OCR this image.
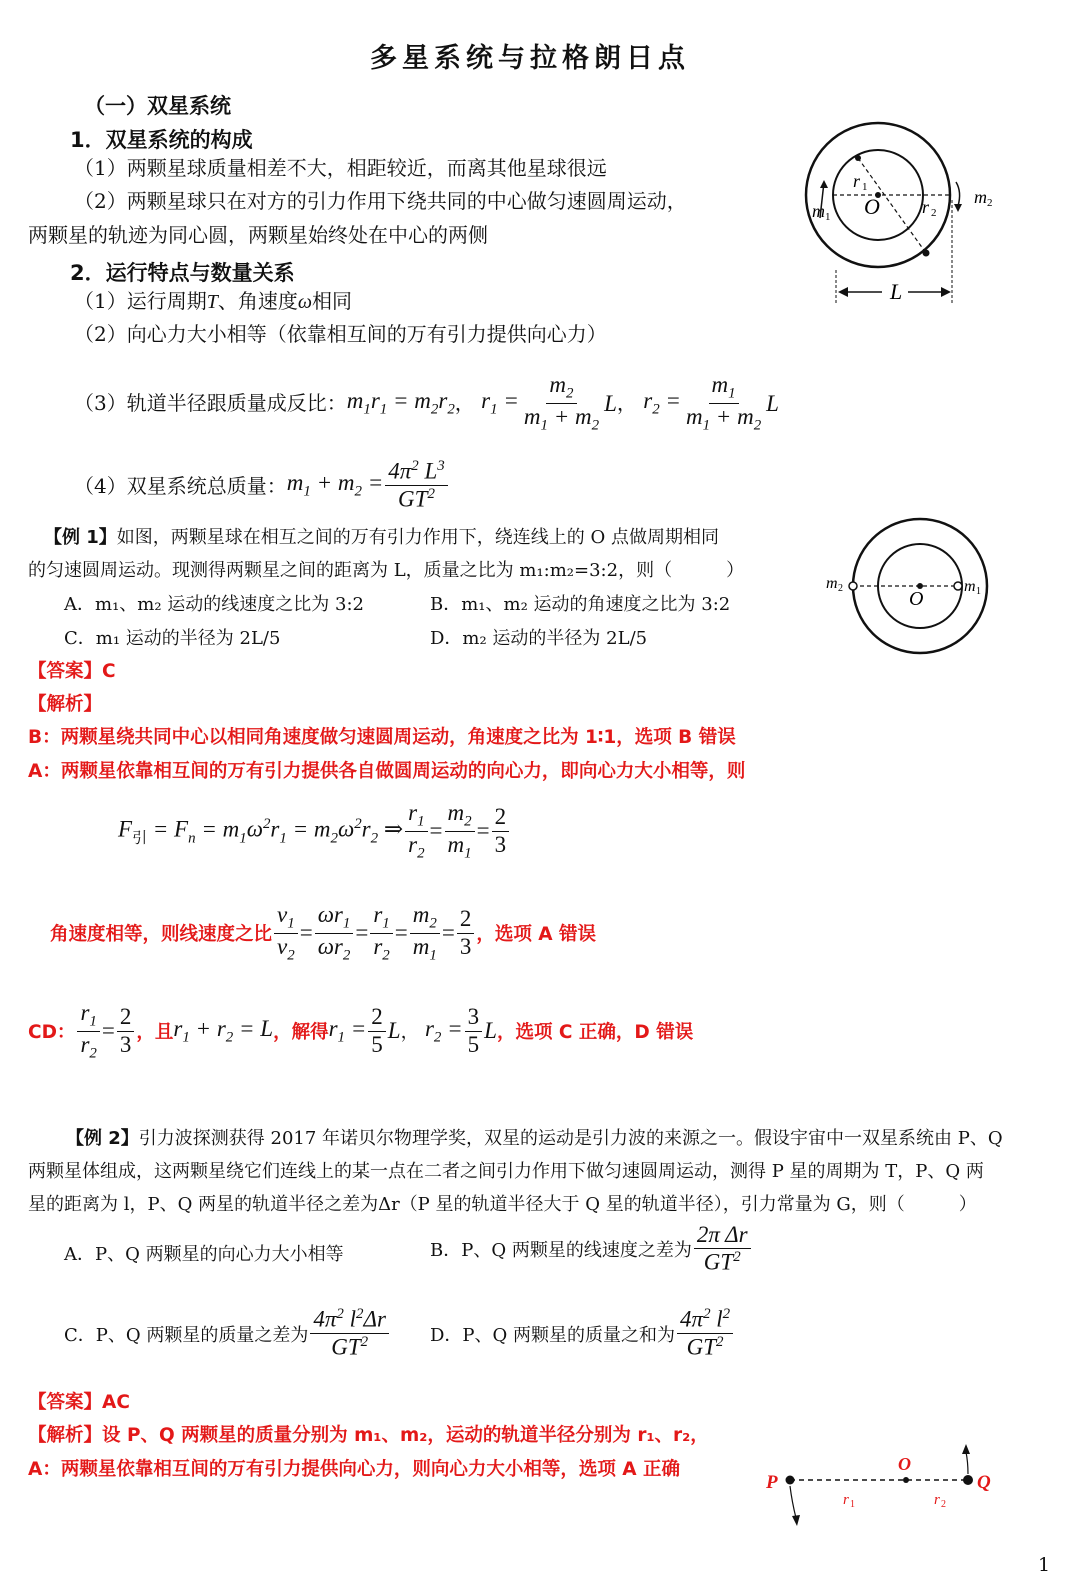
多星系统与拉格朗日点
（一）双星系统
1．双星系统的构成
（1）两颗星球质量相差不大，相距较近，而离其他星球很远
（2）两颗星球只在对方的引力作用下绕共同的中心做匀速圆周运动，
两颗星的轨迹为同心圆，两颗星始终处在中心的两侧
2．运行特点与数量关系
（1）运行周期T、角速度ω相同
（2）向心力大小相等（依靠相互间的万有引力提供向心力）
（3）轨道半径跟质量成反比： $m_1r_1 = m_2r_2$ ， $r_1 = \frac{m_2}{m_1 + m_2}$ L ， $r_2 = \frac{m_1}{m_1 + m_2}$ L
（4）双星系统总质量： $m_1 + m_2 = \frac{4\pi^2 L^3}{GT^2}$
L
O
r 1
r 2
m 1
m 2
【例 1】如图，两颗星球在相互之间的万有引力作用下，绕连线上的 O 点做周期相同
的匀速圆周运动。现测得两颗星之间的距离为 L，质量之比为 m₁:m₂=3:2，则（　　　）
A．m₁、m₂ 运动的线速度之比为 3:2	B．m₁、m₂ 运动的角速度之比为 3:2
C．m₁ 运动的半径为 2L/5	D．m₂ 运动的半径为 2L/5
O
m 2	m 1
【答案】C
【解析】
B：两颗星绕共同中心以相同角速度做匀速圆周运动，角速度之比为 1∶1，选项 B 错误
A：两颗星依靠相互间的万有引力提供各自做圆周运动的向心力，即向心力大小相等，则
$F_引 = F_n = m_1\omega^2r_1 = m_2\omega^2r_2$ ⇒ $\frac{r_1}{r_2} = \frac{m_2}{m_1} = \frac{2}{3}$
角速度相等，则线速度之比 $\frac{v_1}{v_2} = \frac{\omega r_1}{\omega r_2} = \frac{r_1}{r_2} = \frac{m_2}{m_1} = \frac{2}{3}$ ，选项 A 错误
CD： $\frac{r_1}{r_2} = \frac{2}{3}$ ，且 $r_1 + r_2 = L$ ，解得 $r_1 = \frac{2}{5}$ L ， $r_2 = \frac{3}{5}$ L ，选项 C 正确，D 错误
【例 2】引力波探测获得 2017 年诺贝尔物理学奖，双星的运动是引力波的来源之一。假设宇宙中一双星系统由 P、Q
两颗星体组成，这两颗星绕它们连线上的某一点在二者之间引力作用下做匀速圆周运动，测得 P 星的周期为 T，P、Q 两
星的距离为 l，P、Q 两星的轨道半径之差为Δr（P 星的轨道半径大于 Q 星的轨道半径），引力常量为 G，则（　　　）
A．P、Q 两颗星的向心力大小相等	B．P、Q 两颗星的线速度之差为 $\frac{\text{2π Δr}}{GT^2}$
C．P、Q 两颗星的质量之差为 $\frac{4\pi^2 l^2\Delta r}{GT^2}$ D．P、Q 两颗星的质量之和为 $\frac{4\pi^2 l^2}{GT^2}$
【答案】AC
【解析】设 P、Q 两颗星的质量分别为 m₁、m₂，运动的轨道半径分别为 r₁、r₂，
A：两颗星依靠相互间的万有引力提供向心力，则向心力大小相等，选项 A 正确
P
O
Q
r 1	r 2
1
